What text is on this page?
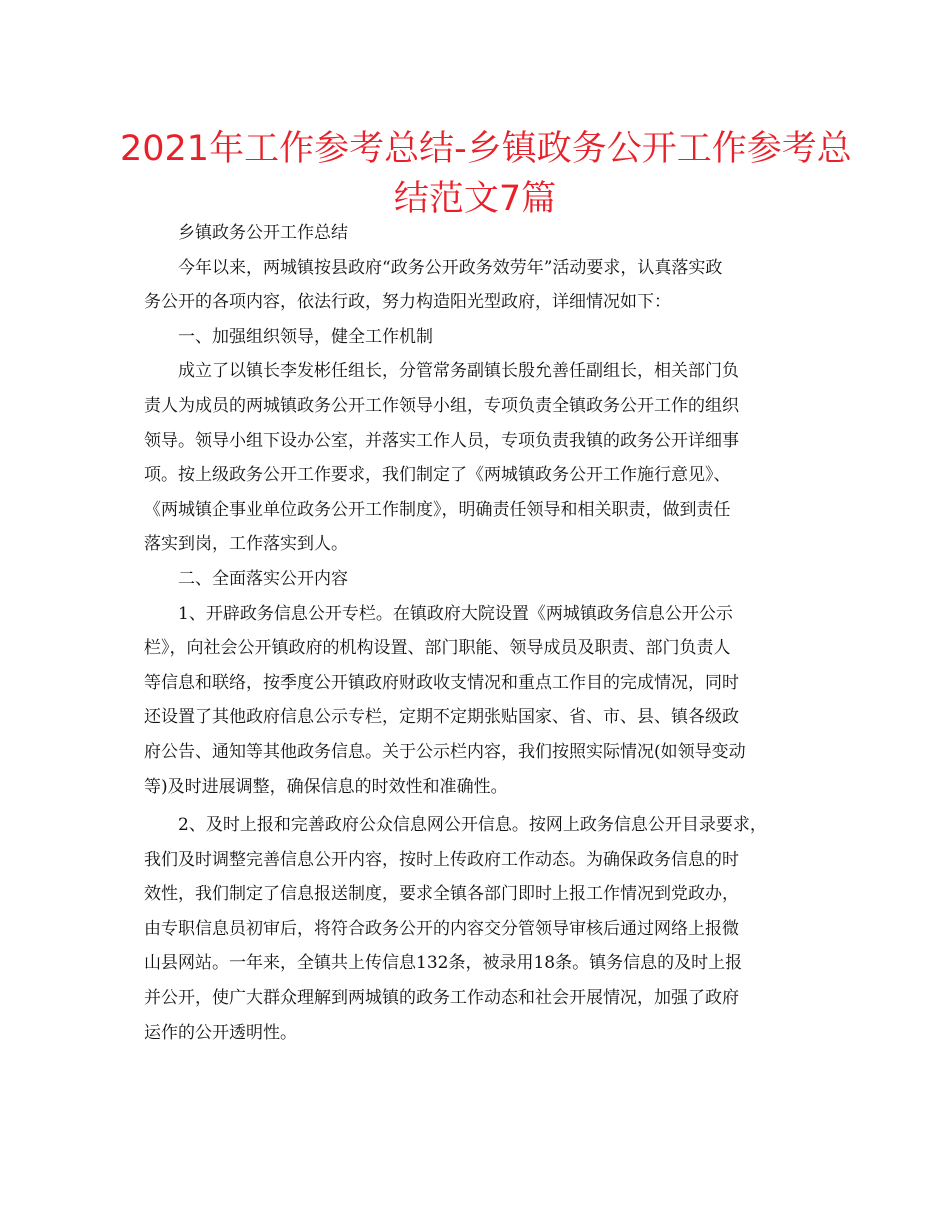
2021年工作参考总结-乡镇政务公开工作参考总
结范文7篇
乡镇政务公开工作总结
今年以来，两城镇按县政府“政务公开政务效劳年”活动要求，认真落实政
务公开的各项内容，依法行政，努力构造阳光型政府，详细情况如下：
一、加强组织领导，健全工作机制
成立了以镇长李发彬任组长，分管常务副镇长殷允善任副组长，相关部门负
责人为成员的两城镇政务公开工作领导小组，专项负责全镇政务公开工作的组织
领导。领导小组下设办公室，并落实工作人员，专项负责我镇的政务公开详细事
项。按上级政务公开工作要求，我们制定了《两城镇政务公开工作施行意见》、
《两城镇企事业单位政务公开工作制度》，明确责任领导和相关职责，做到责任
落实到岗，工作落实到人。
二、全面落实公开内容
1、开辟政务信息公开专栏。在镇政府大院设置《两城镇政务信息公开公示
栏》，向社会公开镇政府的机构设置、部门职能、领导成员及职责、部门负责人
等信息和联络，按季度公开镇政府财政收支情况和重点工作目的完成情况，同时
还设置了其他政府信息公示专栏，定期不定期张贴国家、省、市、县、镇各级政
府公告、通知等其他政务信息。关于公示栏内容，我们按照实际情况(如领导变动
等)及时进展调整，确保信息的时效性和准确性。
2、及时上报和完善政府公众信息网公开信息。按网上政务信息公开目录要求，
我们及时调整完善信息公开内容，按时上传政府工作动态。为确保政务信息的时
效性，我们制定了信息报送制度，要求全镇各部门即时上报工作情况到党政办，
由专职信息员初审后，将符合政务公开的内容交分管领导审核后通过网络上报微
山县网站。一年来，全镇共上传信息132条，被录用18条。镇务信息的及时上报
并公开，使广大群众理解到两城镇的政务工作动态和社会开展情况，加强了政府
运作的公开透明性。
